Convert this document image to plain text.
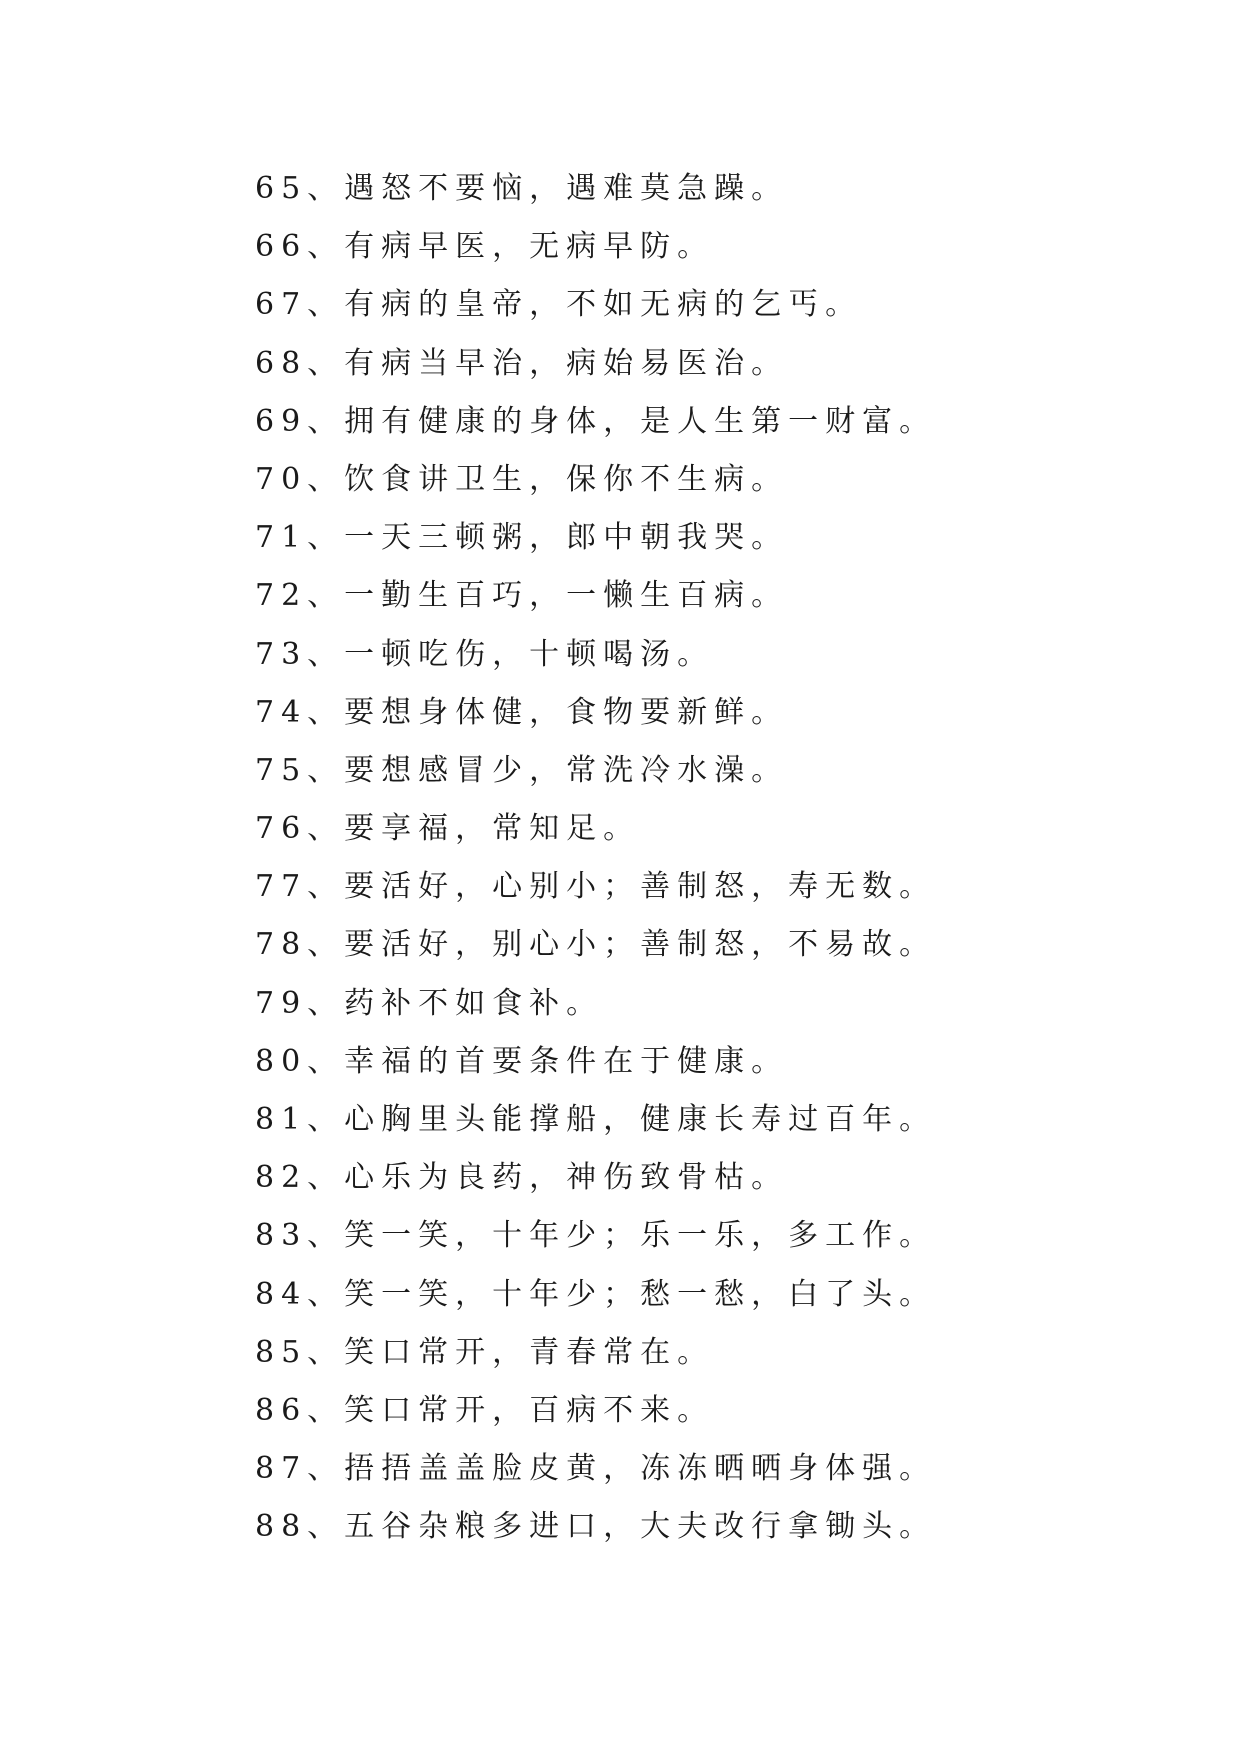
65、遇怒不要恼，遇难莫急躁。
66、有病早医，无病早防。
67、有病的皇帝，不如无病的乞丐。
68、有病当早治，病始易医治。
69、拥有健康的身体，是人生第一财富。
70、饮食讲卫生，保你不生病。
71、一天三顿粥，郎中朝我哭。
72、一勤生百巧，一懒生百病。
73、一顿吃伤，十顿喝汤。
74、要想身体健，食物要新鲜。
75、要想感冒少，常洗冷水澡。
76、要享福，常知足。
77、要活好，心别小；善制怒，寿无数。
78、要活好，别心小；善制怒，不易故。
79、药补不如食补。
80、幸福的首要条件在于健康。
81、心胸里头能撑船，健康长寿过百年。
82、心乐为良药，神伤致骨枯。
83、笑一笑，十年少；乐一乐，多工作。
84、笑一笑，十年少；愁一愁，白了头。
85、笑口常开，青春常在。
86、笑口常开，百病不来。
87、捂捂盖盖脸皮黄，冻冻晒晒身体强。
88、五谷杂粮多进口，大夫改行拿锄头。
